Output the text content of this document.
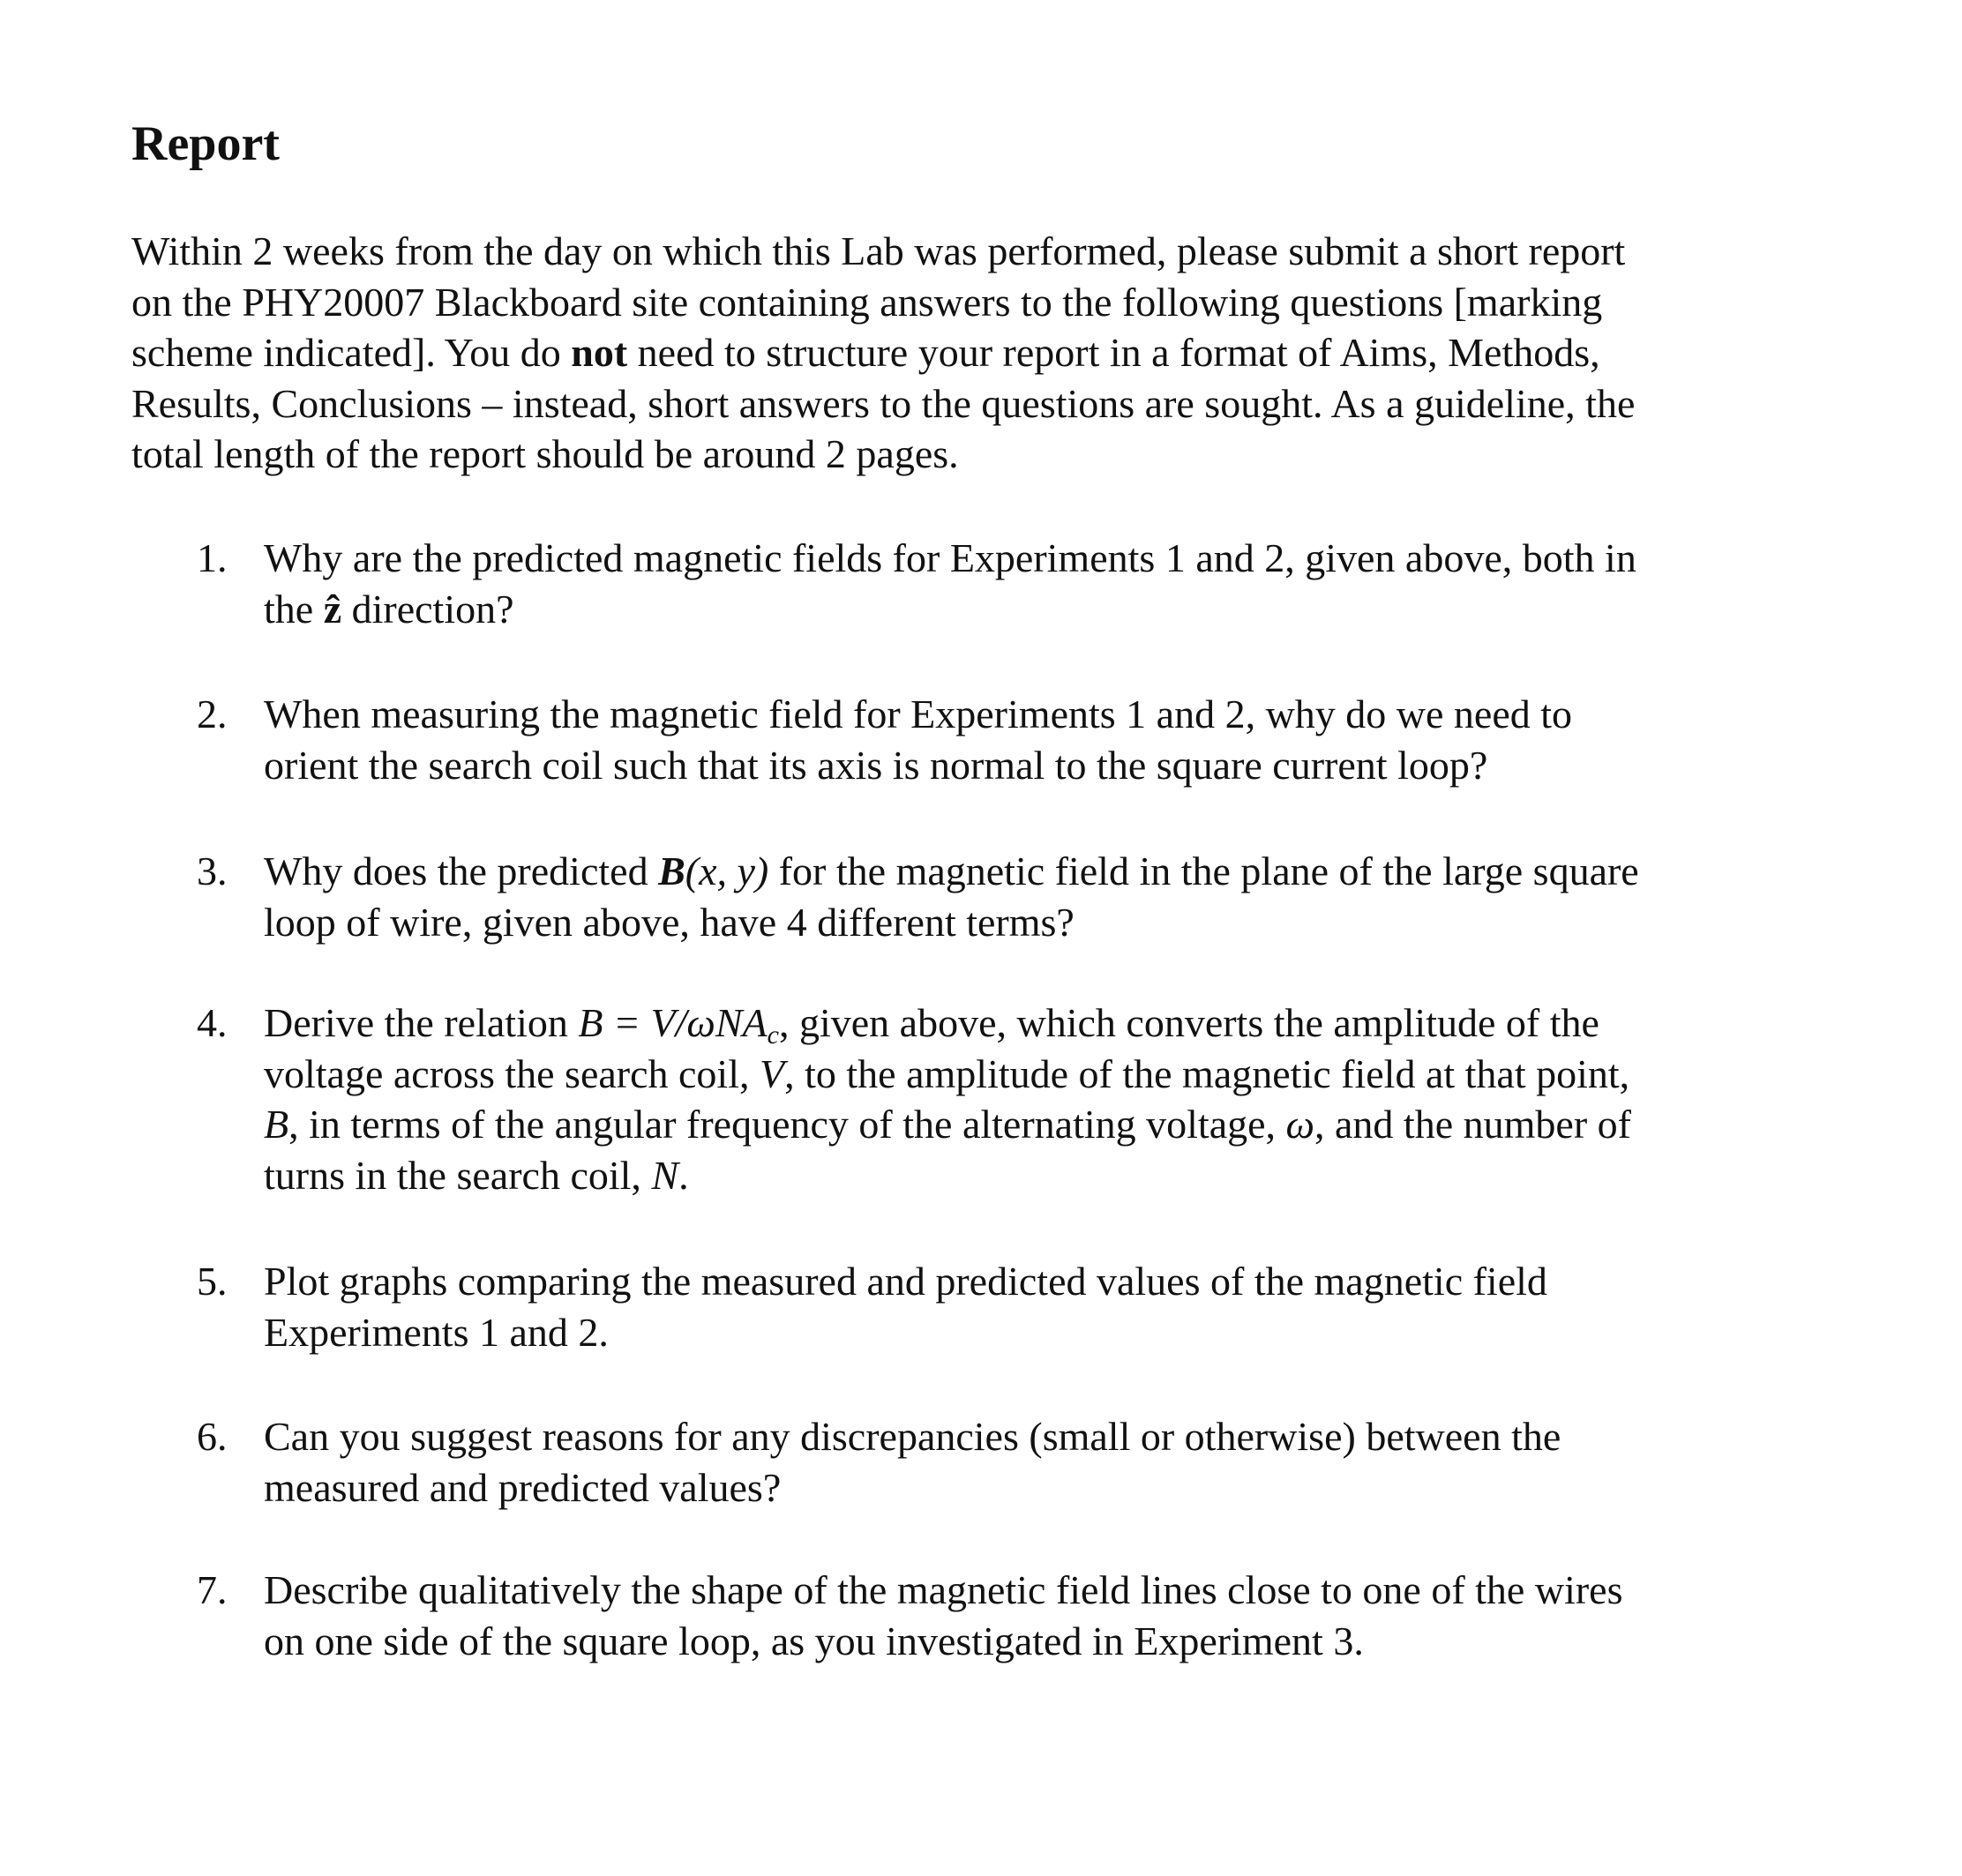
Report
Within 2 weeks from the day on which this Lab was performed, please submit a short report
on the PHY20007 Blackboard site containing answers to the following questions [marking
scheme indicated]. You do not need to structure your report in a format of Aims, Methods,
Results, Conclusions – instead, short answers to the questions are sought. As a guideline, the
total length of the report should be around 2 pages.
1. Why are the predicted magnetic fields for Experiments 1 and 2, given above, both in
the ẑ direction?
2. When measuring the magnetic field for Experiments 1 and 2, why do we need to
orient the search coil such that its axis is normal to the square current loop?
3. Why does the predicted B(x, y) for the magnetic field in the plane of the large square
loop of wire, given above, have 4 different terms?
4. Derive the relation B = V/ωNA$_c$, given above, which converts the amplitude of the
voltage across the search coil, V, to the amplitude of the magnetic field at that point,
B, in terms of the angular frequency of the alternating voltage, ω, and the number of
turns in the search coil, N.
5. Plot graphs comparing the measured and predicted values of the magnetic field
Experiments 1 and 2.
6. Can you suggest reasons for any discrepancies (small or otherwise) between the
measured and predicted values?
7. Describe qualitatively the shape of the magnetic field lines close to one of the wires
on one side of the square loop, as you investigated in Experiment 3.
